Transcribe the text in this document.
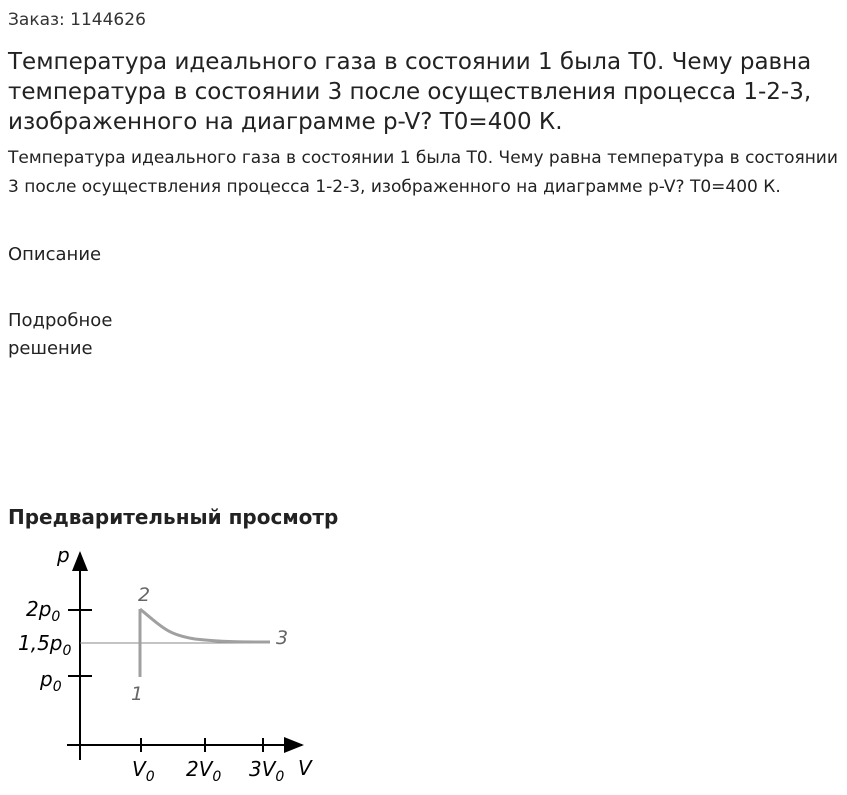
Заказ: 1144626
Температура идеального газа в состоянии 1 была T0. Чему равна температура в состоянии 3 после осуществления процесса 1-2-3, изображенного на диаграмме p-V? T0=400 К.
Температура идеального газа в состоянии 1 была T0. Чему равна температура в состоянии 3 после осуществления процесса 1-2-3, изображенного на диаграмме p-V? T0=400 К.
Описание
Подробное
решение
Предварительный просмотр
p
V
$2p_0$
$1,5p_0$
$p_0$
$V_0$ $2V_0$ $3V_0$
1
2
3
